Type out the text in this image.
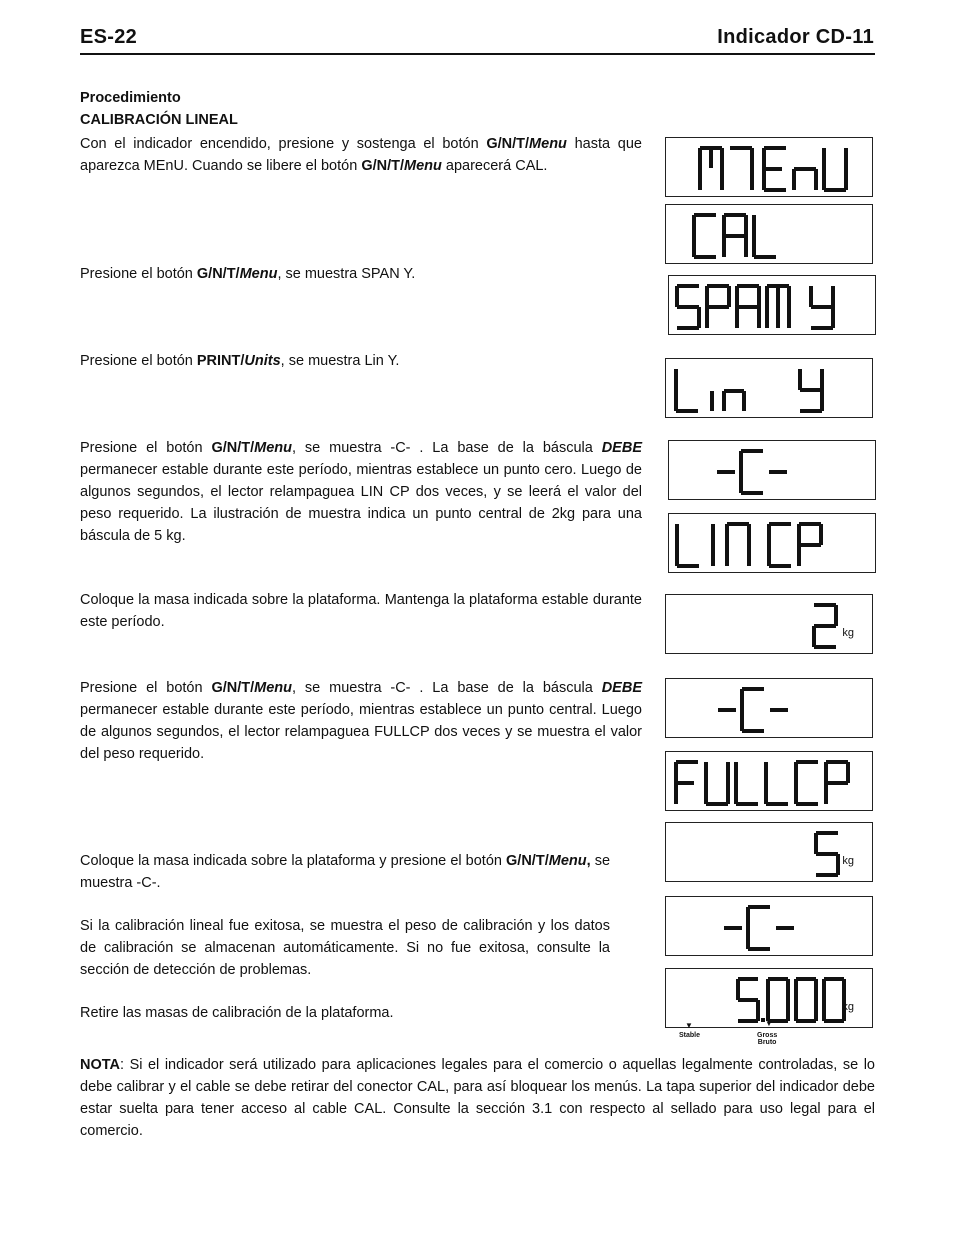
ES-22	Indicador CD-11
Procedimiento
CALIBRACIÓN LINEAL
Con el indicador encendido, presione y sostenga el botón G/N/T/Menu hasta que aparezca MEnU. Cuando se libere el botón G/N/T/Menu aparecerá CAL.
Presione el botón G/N/T/Menu, se muestra SPAN Y.
Presione el botón PRINT/Units, se muestra Lin Y.
Presione el botón G/N/T/Menu, se muestra -C- . La base de la báscula DEBE permanecer estable durante este período, mientras establece un punto cero. Luego de algunos segundos, el lector relampaguea LIN CP dos veces, y se leerá el valor del peso requerido. La ilustración de muestra indica un punto central de 2kg para una báscula de 5 kg.
Coloque la masa indicada sobre la plataforma. Mantenga la plataforma estable durante este período.
Presione el botón G/N/T/Menu, se muestra -C- . La base de la báscula DEBE permanecer estable durante este período, mientras establece un punto central. Luego de algunos segundos, el lector relampaguea FULLCP dos veces y se muestra el valor del peso requerido.
Coloque la masa indicada sobre la plataforma y presione el botón G/N/T/Menu, se muestra -C-.
Si la calibración lineal fue exitosa, se muestra el peso de calibración y los datos de calibración se almacenan automáticamente. Si no fue exitosa, consulte la sección de detección de problemas.
Retire las masas de calibración de la plataforma.
NOTA: Si el indicador será utilizado para aplicaciones legales para el comercio o aquellas legalmente controladas, se lo debe calibrar y el cable se debe retirar del conector CAL, para así bloquear los menús. La tapa superior del indicador debe estar suelta para tener acceso al cable CAL. Consulte la sección 3.1 con respecto al sellado para uso legal para el comercio.
kg
kg
kg
▼	▼
Stable	Gross
Bruto
